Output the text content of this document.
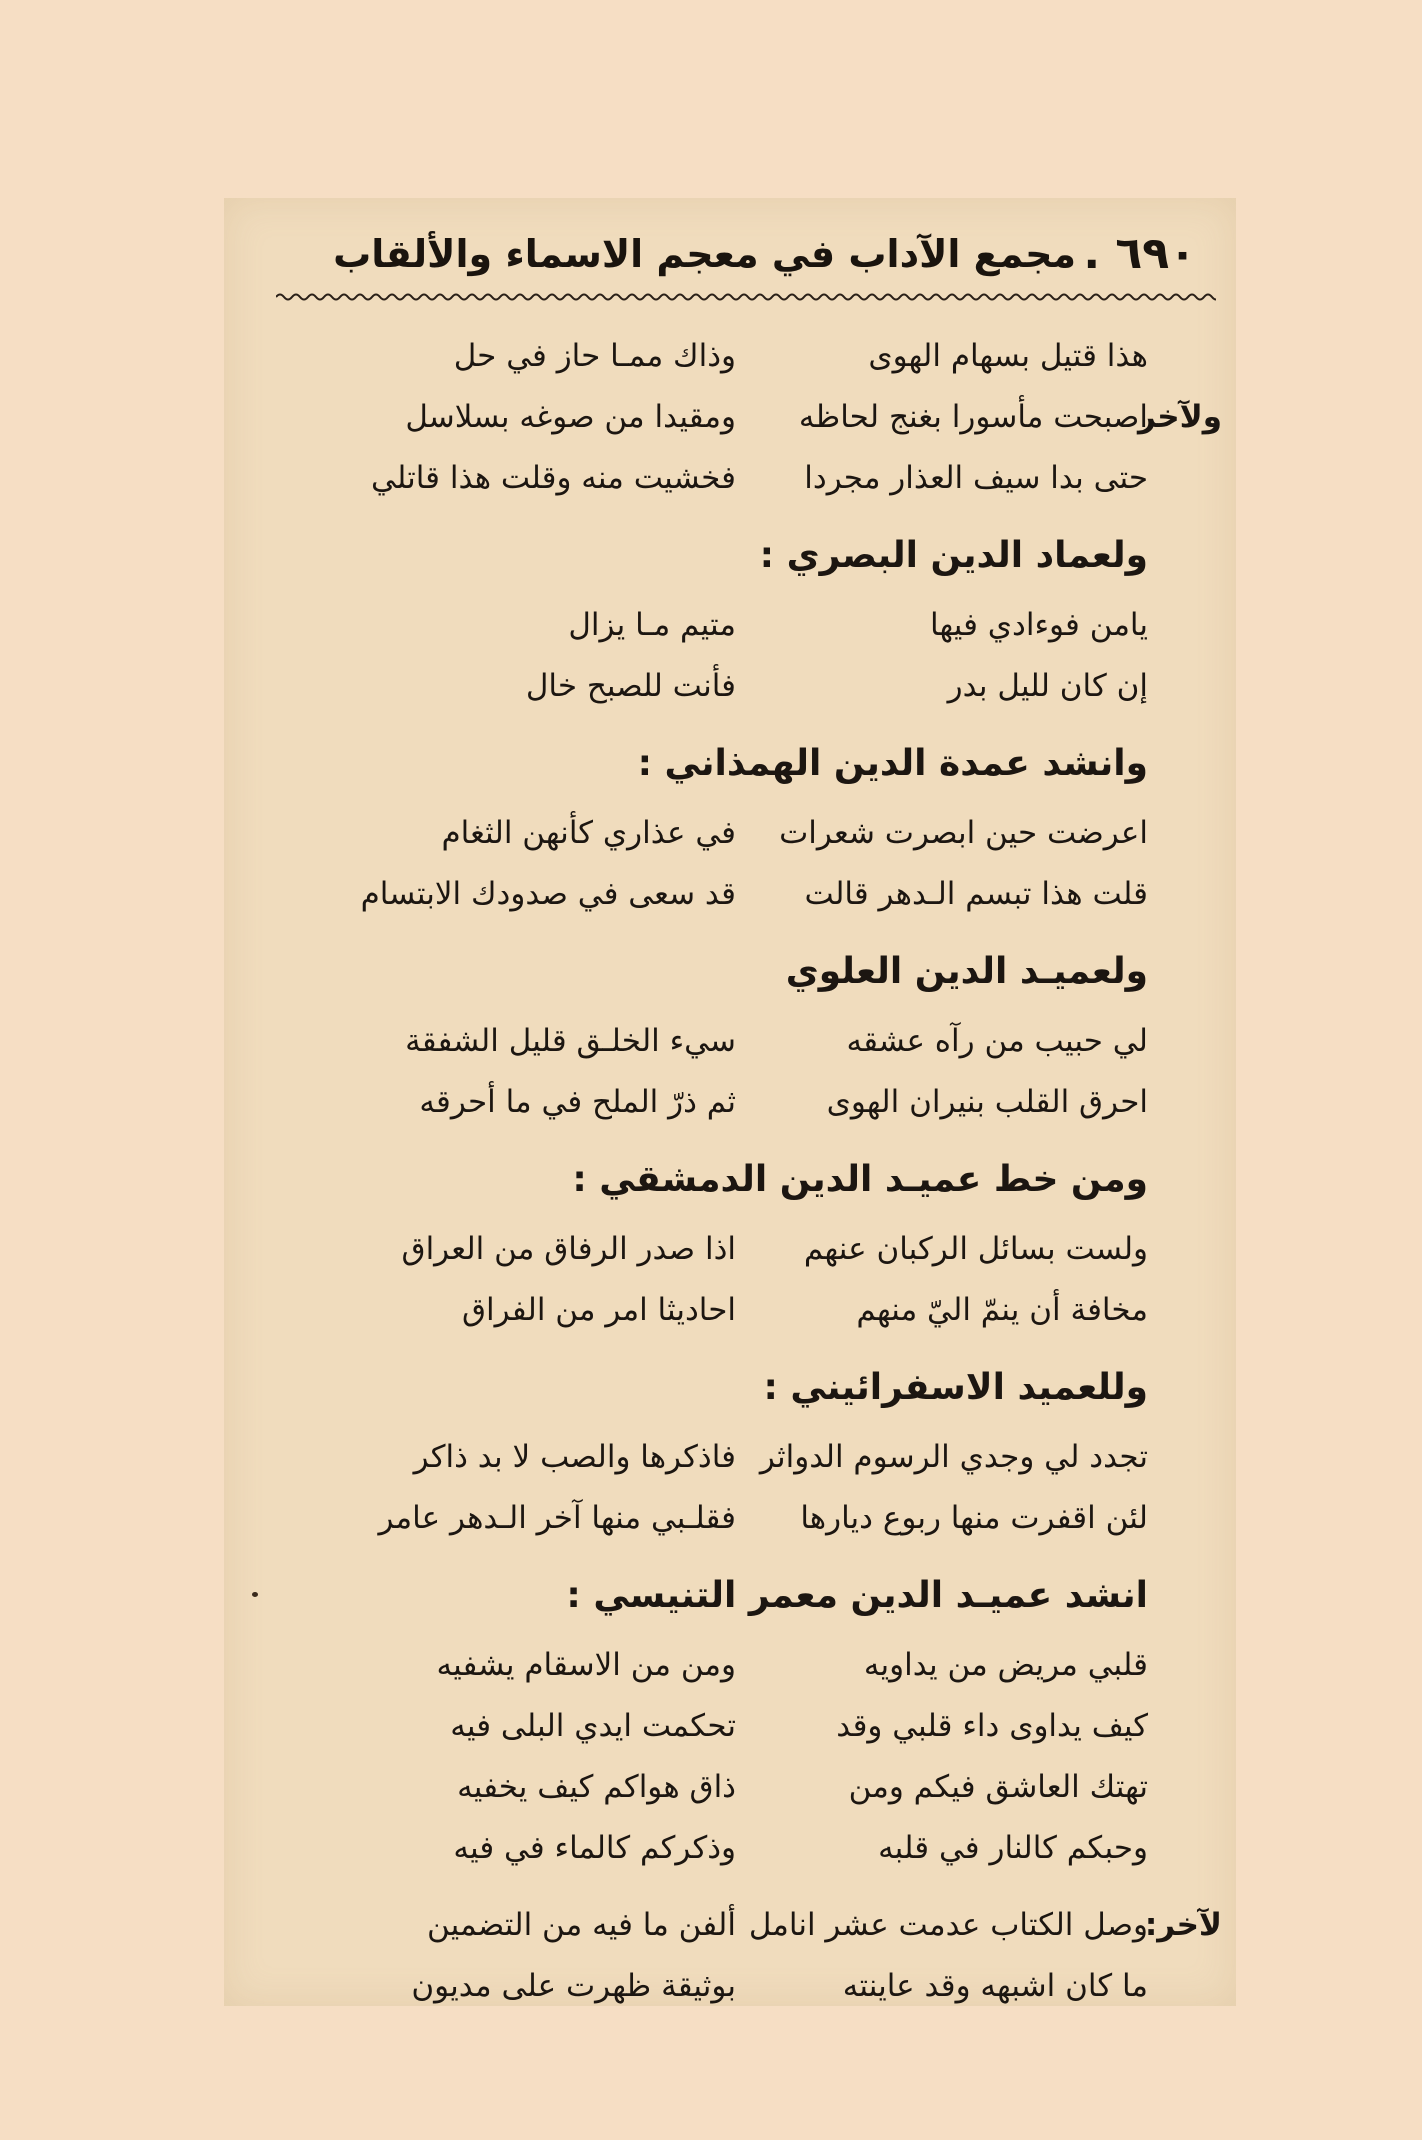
٦٩٠ .
مجمع الآداب في معجم الاسماء والألقاب
هذا قتيل بسهام الهوى
وذاك ممـا حاز في حل
ولآخر
اصبحت مأسورا بغنج لحاظه
ومقيدا من صوغه بسلاسل
حتى بدا سيف العذار مجردا
فخشيت منه وقلت هذا قاتلي
ولعماد الدين البصري :
يامن فوءادي فيها
متيم مـا يزال
إن كان لليل بدر
فأنت للصبح خال
وانشد عمدة الدين الهمذاني :
اعرضت حين ابصرت شعرات
في عذاري كأنهن الثغام
قلت هذا تبسم الـدهر قالت
قد سعى في صدودك الابتسام
ولعميـد الدين العلوي
لي حبيب من رآه عشقه
سيء الخلـق قليل الشفقة
احرق القلب بنيران الهوى
ثم ذرّ الملح في ما أحرقه
ومن خط عميـد الدين الدمشقي :
ولست بسائل الركبان عنهم
اذا صدر الرفاق من العراق
مخافة أن ينمّ اليّ منهم
احاديثا امر من الفراق
وللعميد الاسفرائيني :
تجدد لي وجدي الرسوم الدواثر
فاذكرها والصب لا بد ذاكر
لئن اقفرت منها ربوع ديارها
فقلـبي منها آخر الـدهر عامر
انشد عميـد الدين معمر التنيسي :
قلبي مريض من يداويه
ومن من الاسقام يشفيه
كيف يداوى داء قلبي وقد
تحكمت ايدي البلى فيه
تهتك العاشق فيكم ومن
ذاق هواكم كيف يخفيه
وحبكم كالنار في قلبه
وذكركم كالماء في فيه
لآخر:
وصل الكتاب عدمت عشر انامل
ألفن ما فيه من التضمين
ما كان اشبهه وقد عاينته
بوثيقة ظهرت على مديون
